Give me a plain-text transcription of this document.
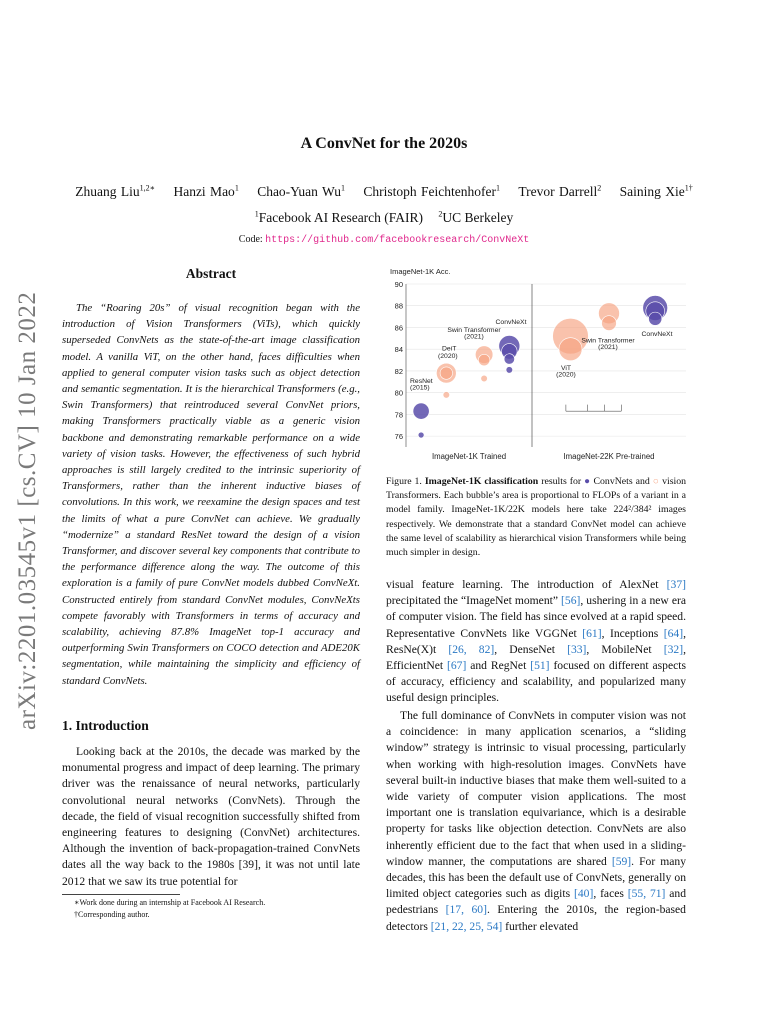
A ConvNet for the 2020s
Zhuang Liu$^{1,2∗}$ Hanzi Mao$^1$ Chao-Yuan Wu$^1$ Christoph Feichtenhofer$^1$ Trevor Darrell$^2$ Saining Xie$^{1\dagger}$
$^1$Facebook AI Research (FAIR) $^2$UC Berkeley
Code: https://github.com/facebookresearch/ConvNeXt
arXiv:2201.03545v1 [cs.CV] 10 Jan 2022
Abstract
The “Roaring 20s” of visual recognition began with the introduction of Vision Transformers (ViTs), which quickly superseded ConvNets as the state-of-the-art image classification model. A vanilla ViT, on the other hand, faces difficulties when applied to general computer vision tasks such as object detection and semantic segmentation. It is the hierarchical Transformers (e.g., Swin Transformers) that reintroduced several ConvNet priors, making Transformers practically viable as a generic vision backbone and demonstrating remarkable performance on a wide variety of vision tasks. However, the effectiveness of such hybrid approaches is still largely credited to the intrinsic superiority of Transformers, rather than the inherent inductive biases of convolutions. In this work, we reexamine the design spaces and test the limits of what a pure ConvNet can achieve. We gradually “modernize” a standard ResNet toward the design of a vision Transformer, and discover several key components that contribute to the performance difference along the way. The outcome of this exploration is a family of pure ConvNet models dubbed ConvNeXt. Constructed entirely from standard ConvNet modules, ConvNeXts compete favorably with Transformers in terms of accuracy and scalability, achieving 87.8% ImageNet top-1 accuracy and outperforming Swin Transformers on COCO detection and ADE20K segmentation, while maintaining the simplicity and efficiency of standard ConvNets.
1. Introduction
Looking back at the 2010s, the decade was marked by the monumental progress and impact of deep learning. The primary driver was the renaissance of neural networks, particularly convolutional neural networks (ConvNets). Through the decade, the field of visual recognition successfully shifted from engineering features to designing (ConvNet) architectures. Although the invention of back-propagation-trained ConvNets dates all the way back to the 1980s [39], it was not until late 2012 that we saw its true potential for
∗Work done during an internship at Facebook AI Research.
†Corresponding author.
76
78
80
82
84
86
88
90
ImageNet-1K Acc.
ResNet
(2015)
DeiT
(2020)
Swin Transformer
(2021)
ConvNeXt
ViT
(2020)
Swin Transformer
(2021)
ConvNeXt
ImageNet-1K Trained	ImageNet-22K Pre-trained
Figure 1. ImageNet-1K classification results for ● ConvNets and ○ vision Transformers. Each bubble’s area is proportional to FLOPs of a variant in a model family. ImageNet-1K/22K models here take 224²/384² images respectively. We demonstrate that a standard ConvNet model can achieve the same level of scalability as hierarchical vision Transformers while being much simpler in design.
visual feature learning. The introduction of AlexNet [37] precipitated the “ImageNet moment” [56], ushering in a new era of computer vision. The field has since evolved at a rapid speed. Representative ConvNets like VGGNet [61], Inceptions [64], ResNe(X)t [26, 82], DenseNet [33], MobileNet [32], EfficientNet [67] and RegNet [51] focused on different aspects of accuracy, efficiency and scalability, and popularized many useful design principles.
The full dominance of ConvNets in computer vision was not a coincidence: in many application scenarios, a “sliding window” strategy is intrinsic to visual processing, particularly when working with high-resolution images. ConvNets have several built-in inductive biases that make them well-suited to a wide variety of computer vision applications. The most important one is translation equivariance, which is a desirable property for tasks like objection detection. ConvNets are also inherently efficient due to the fact that when used in a sliding-window manner, the computations are shared [59]. For many decades, this has been the default use of ConvNets, generally on limited object categories such as digits [40], faces [55, 71] and pedestrians [17, 60]. Entering the 2010s, the region-based detectors [21, 22, 25, 54] further elevated
